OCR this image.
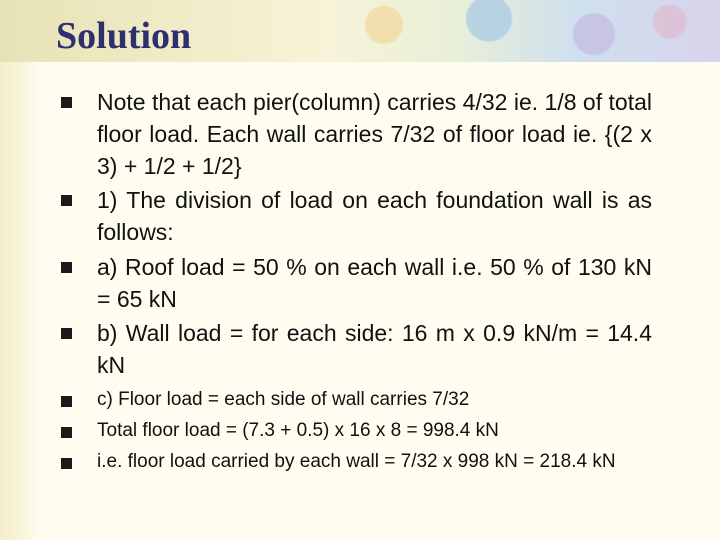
Solution
Note that each pier(column) carries 4/32 ie. 1/8 of total floor load. Each wall carries 7/32 of floor load ie. {(2 x 3) + 1/2 + 1/2}
1) The division of load on each foundation wall is as follows:
a) Roof load = 50 % on each wall i.e. 50 % of 130 kN = 65 kN
b) Wall load = for each side: 16 m x 0.9 kN/m = 14.4 kN
c) Floor load = each side of wall carries 7/32
Total floor load = (7.3 + 0.5) x 16 x 8 = 998.4 kN
i.e. floor load carried by each wall = 7/32 x 998 kN = 218.4 kN
